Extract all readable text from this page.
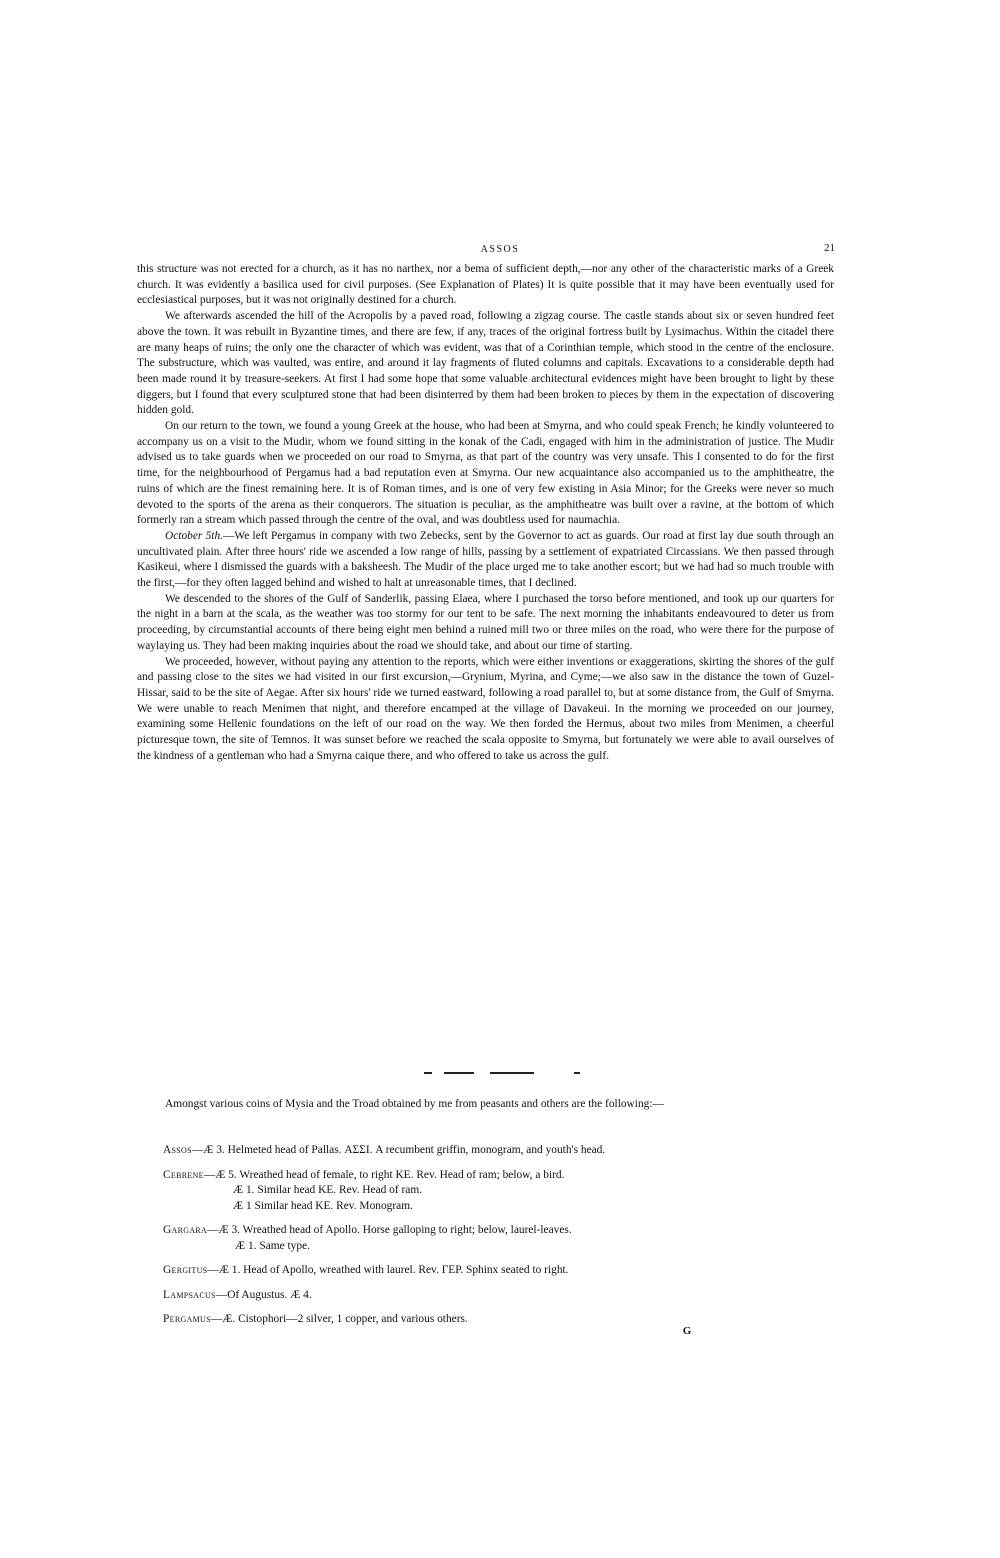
ASSOS	21

this structure was not erected for a church, as it has no narthex, nor a bema of sufficient depth,—nor any other of the characteristic marks of a Greek church. It was evidently a basilica used for civil purposes. (See Explanation of Plates) It is quite possible that it may have been eventually used for ecclesiastical purposes, but it was not originally destined for a church.

We afterwards ascended the hill of the Acropolis by a paved road, following a zigzag course. The castle stands about six or seven hundred feet above the town. It was rebuilt in Byzantine times, and there are few, if any, traces of the original fortress built by Lysimachus. Within the citadel there are many heaps of ruins; the only one the character of which was evident, was that of a Corinthian temple, which stood in the centre of the enclosure. The substructure, which was vaulted, was entire, and around it lay fragments of fluted columns and capitals. Excavations to a considerable depth had been made round it by treasure-seekers. At first I had some hope that some valuable architectural evidences might have been brought to light by these diggers, but I found that every sculptured stone that had been disinterred by them had been broken to pieces by them in the expectation of discovering hidden gold.

On our return to the town, we found a young Greek at the house, who had been at Smyrna, and who could speak French; he kindly volunteered to accompany us on a visit to the Mudir, whom we found sitting in the konak of the Cadi, engaged with him in the administration of justice. The Mudir advised us to take guards when we proceeded on our road to Smyrna, as that part of the country was very unsafe. This I consented to do for the first time, for the neighbourhood of Pergamus had a bad reputation even at Smyrna. Our new acquaintance also accompanied us to the amphitheatre, the ruins of which are the finest remaining here. It is of Roman times, and is one of very few existing in Asia Minor; for the Greeks were never so much devoted to the sports of the arena as their conquerors. The situation is peculiar, as the amphitheatre was built over a ravine, at the bottom of which formerly ran a stream which passed through the centre of the oval, and was doubtless used for naumachia.

October 5th.—We left Pergamus in company with two Zebecks, sent by the Governor to act as guards. Our road at first lay due south through an uncultivated plain. After three hours' ride we ascended a low range of hills, passing by a settlement of expatriated Circassians. We then passed through Kasikeui, where I dismissed the guards with a baksheesh. The Mudir of the place urged me to take another escort; but we had had so much trouble with the first,—for they often lagged behind and wished to halt at unreasonable times, that I declined.

We descended to the shores of the Gulf of Sanderlik, passing Elaea, where I purchased the torso before mentioned, and took up our quarters for the night in a barn at the scala, as the weather was too stormy for our tent to be safe. The next morning the inhabitants endeavoured to deter us from proceeding, by circumstantial accounts of there being eight men behind a ruined mill two or three miles on the road, who were there for the purpose of waylaying us. They had been making inquiries about the road we should take, and about our time of starting.

We proceeded, however, without paying any attention to the reports, which were either inventions or exaggerations, skirting the shores of the gulf and passing close to the sites we had visited in our first excursion,—Grynium, Myrina, and Cyme;—we also saw in the distance the town of Guzel-Hissar, said to be the site of Aegae. After six hours' ride we turned eastward, following a road parallel to, but at some distance from, the Gulf of Smyrna. We were unable to reach Menimen that night, and therefore encamped at the village of Davakeui. In the morning we proceeded on our journey, examining some Hellenic foundations on the left of our road on the way. We then forded the Hermus, about two miles from Menimen, a cheerful picturesque town, the site of Temnos. It was sunset before we reached the scala opposite to Smyrna, but fortunately we were able to avail ourselves of the kindness of a gentleman who had a Smyrna caique there, and who offered to take us across the gulf.

Amongst various coins of Mysia and the Troad obtained by me from peasants and others are the following:—

Assos—Æ 3. Helmeted head of Pallas. ΑΣΣΙ. A recumbent griffin, monogram, and youth's head.
Cebrene—Æ 5. Wreathed head of female, to right ΚΕ. Rev. Head of ram; below, a bird.
Æ 1. Similar head ΚΕ. Rev. Head of ram.
Æ 1 Similar head ΚΕ. Rev. Monogram.
Gargara—Æ 3. Wreathed head of Apollo. Horse galloping to right; below, laurel-leaves.
Æ 1. Same type.
Gergitus—Æ 1. Head of Apollo, wreathed with laurel. Rev. ΓΕΡ. Sphinx seated to right.
Lampsacus—Of Augustus. Æ 4.
Pergamus—Æ. Cistophori—2 silver, 1 copper, and various others.
G
